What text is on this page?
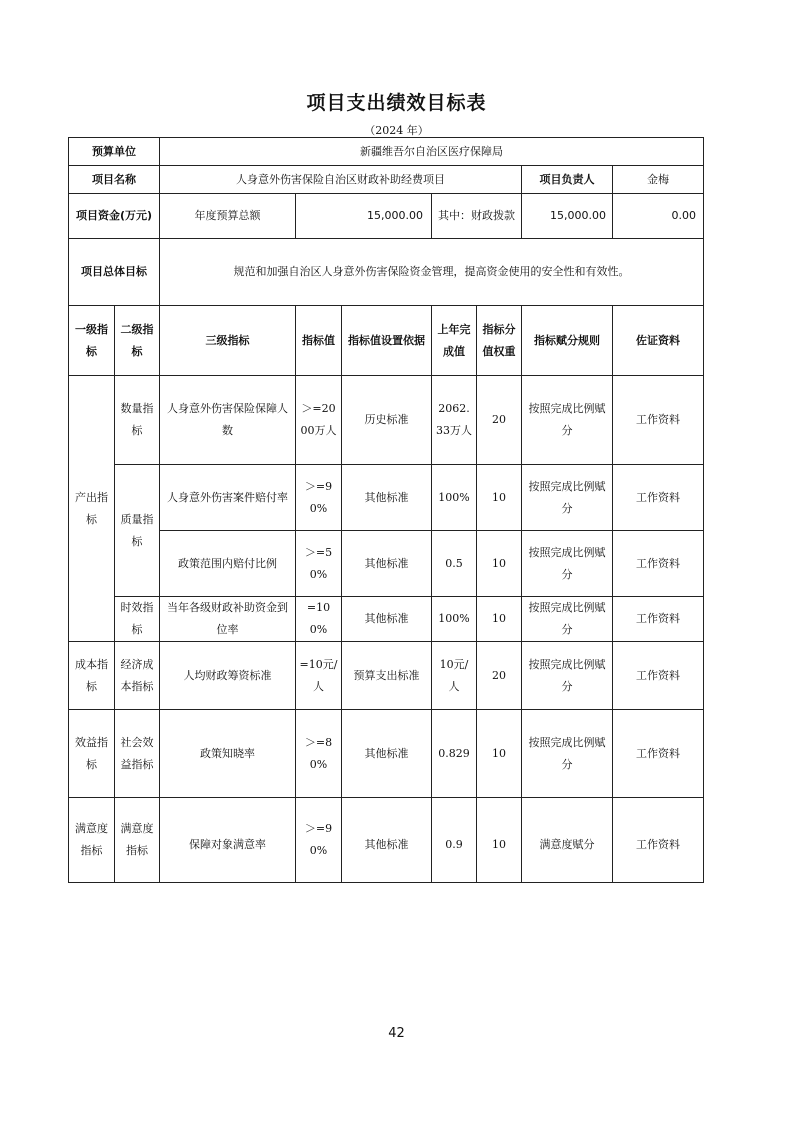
项目支出绩效目标表
（2024 年）
预算单位		新疆维吾尔自治区医疗保障局						
项目名称		人身意外伤害保险自治区财政补助经费项目					项目负责人	金梅
项目资金(万元)		年度预算总额	15,000.00		其中：财政拨款		15,000.00	0.00

项目总体目标		规范和加强自治区人身意外伤害保险资金管理，提高资金使用的安全性和有效性。						
一级指标	二级指标	三级指标	指标值	指标值设置依据	上年完成值	指标分值权重	指标赋分规则	佐证资料
产出指标	数量指标	人身意外伤害保险保障人数	＞=2000万人	历史标准	2062.33万人	20	按照完成比例赋分	工作资料
	质量指标	人身意外伤害案件赔付率	＞=90%	其他标准	100%	10	按照完成比例赋分	工作资料
		政策范围内赔付比例	＞=50%	其他标准	0.5	10	按照完成比例赋分	工作资料
	时效指标	当年各级财政补助资金到位率	=100%	其他标准	100%	10	按照完成比例赋分	工作资料
成本指标	经济成本指标	人均财政筹资标准	=10元/人	预算支出标准	10元/人	20	按照完成比例赋分	工作资料
效益指标	社会效益指标	政策知晓率	＞=80%	其他标准	0.829	10	按照完成比例赋分	工作资料
满意度指标	满意度指标	保障对象满意率	＞=90%	其他标准	0.9	10	满意度赋分	工作资料
42
